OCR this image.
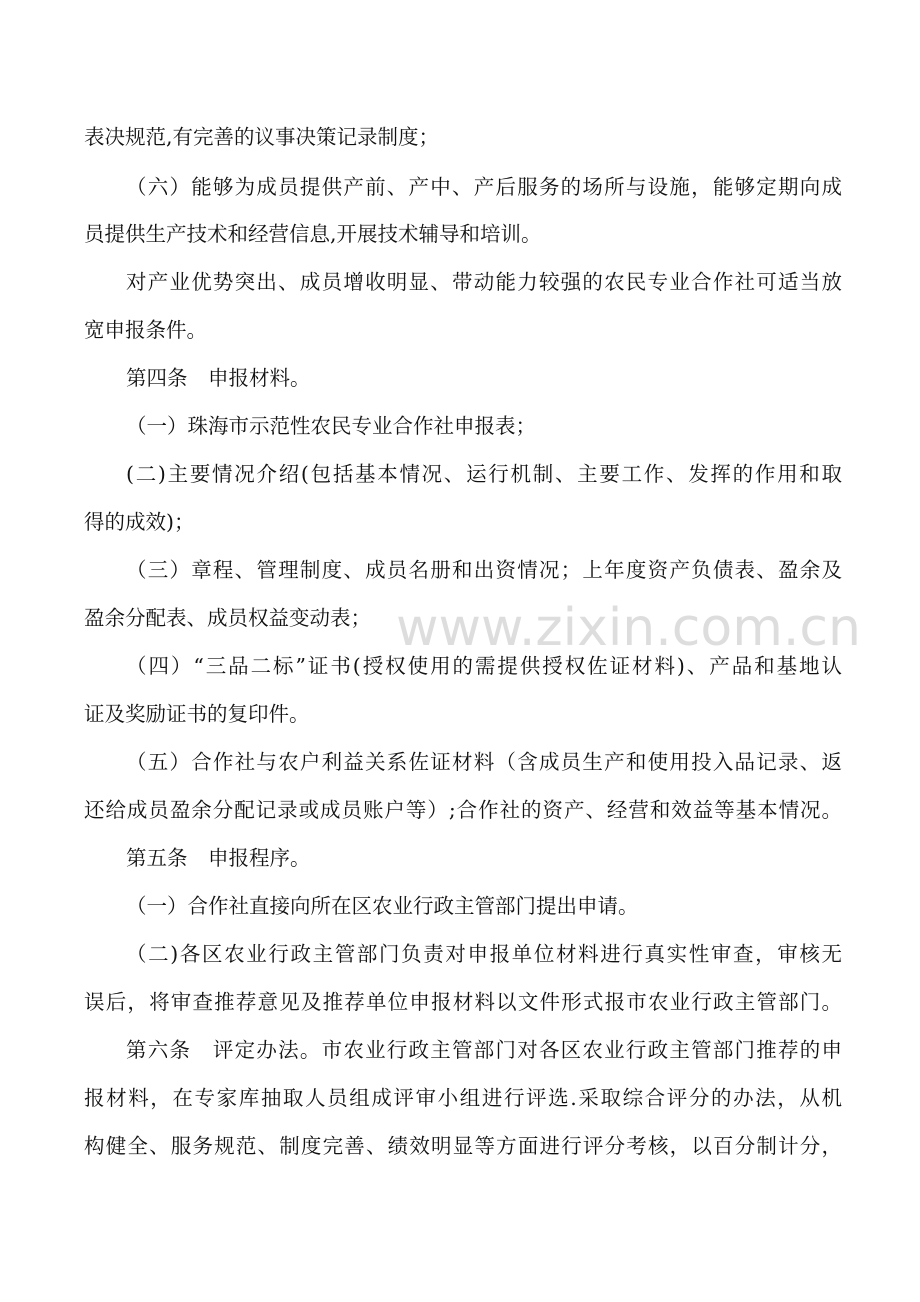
表决规范,有完善的议事决策记录制度；
（六）能够为成员提供产前、产中、产后服务的场所与设施，能够定期向成
员提供生产技术和经营信息,开展技术辅导和培训。
对产业优势突出、成员增收明显、带动能力较强的农民专业合作社可适当放
宽申报条件。
第四条　申报材料。
（一）珠海市示范性农民专业合作社申报表；
(二)主要情况介绍(包括基本情况、运行机制、主要工作、发挥的作用和取
得的成效)；
（三）章程、管理制度、成员名册和出资情况；上年度资产负债表、盈余及
盈余分配表、成员权益变动表；
（四）“三品二标”证书(授权使用的需提供授权佐证材料)、产品和基地认
证及奖励证书的复印件。
（五）合作社与农户利益关系佐证材料（含成员生产和使用投入品记录、返
还给成员盈余分配记录或成员账户等）;合作社的资产、经营和效益等基本情况。
第五条　申报程序。
（一）合作社直接向所在区农业行政主管部门提出申请。
（二)各区农业行政主管部门负责对申报单位材料进行真实性审查，审核无
误后，将审查推荐意见及推荐单位申报材料以文件形式报市农业行政主管部门。
第六条　评定办法。市农业行政主管部门对各区农业行政主管部门推荐的申
报材料，在专家库抽取人员组成评审小组进行评选.采取综合评分的办法，从机
构健全、服务规范、制度完善、绩效明显等方面进行评分考核，以百分制计分，
www.zixin.com.cn
